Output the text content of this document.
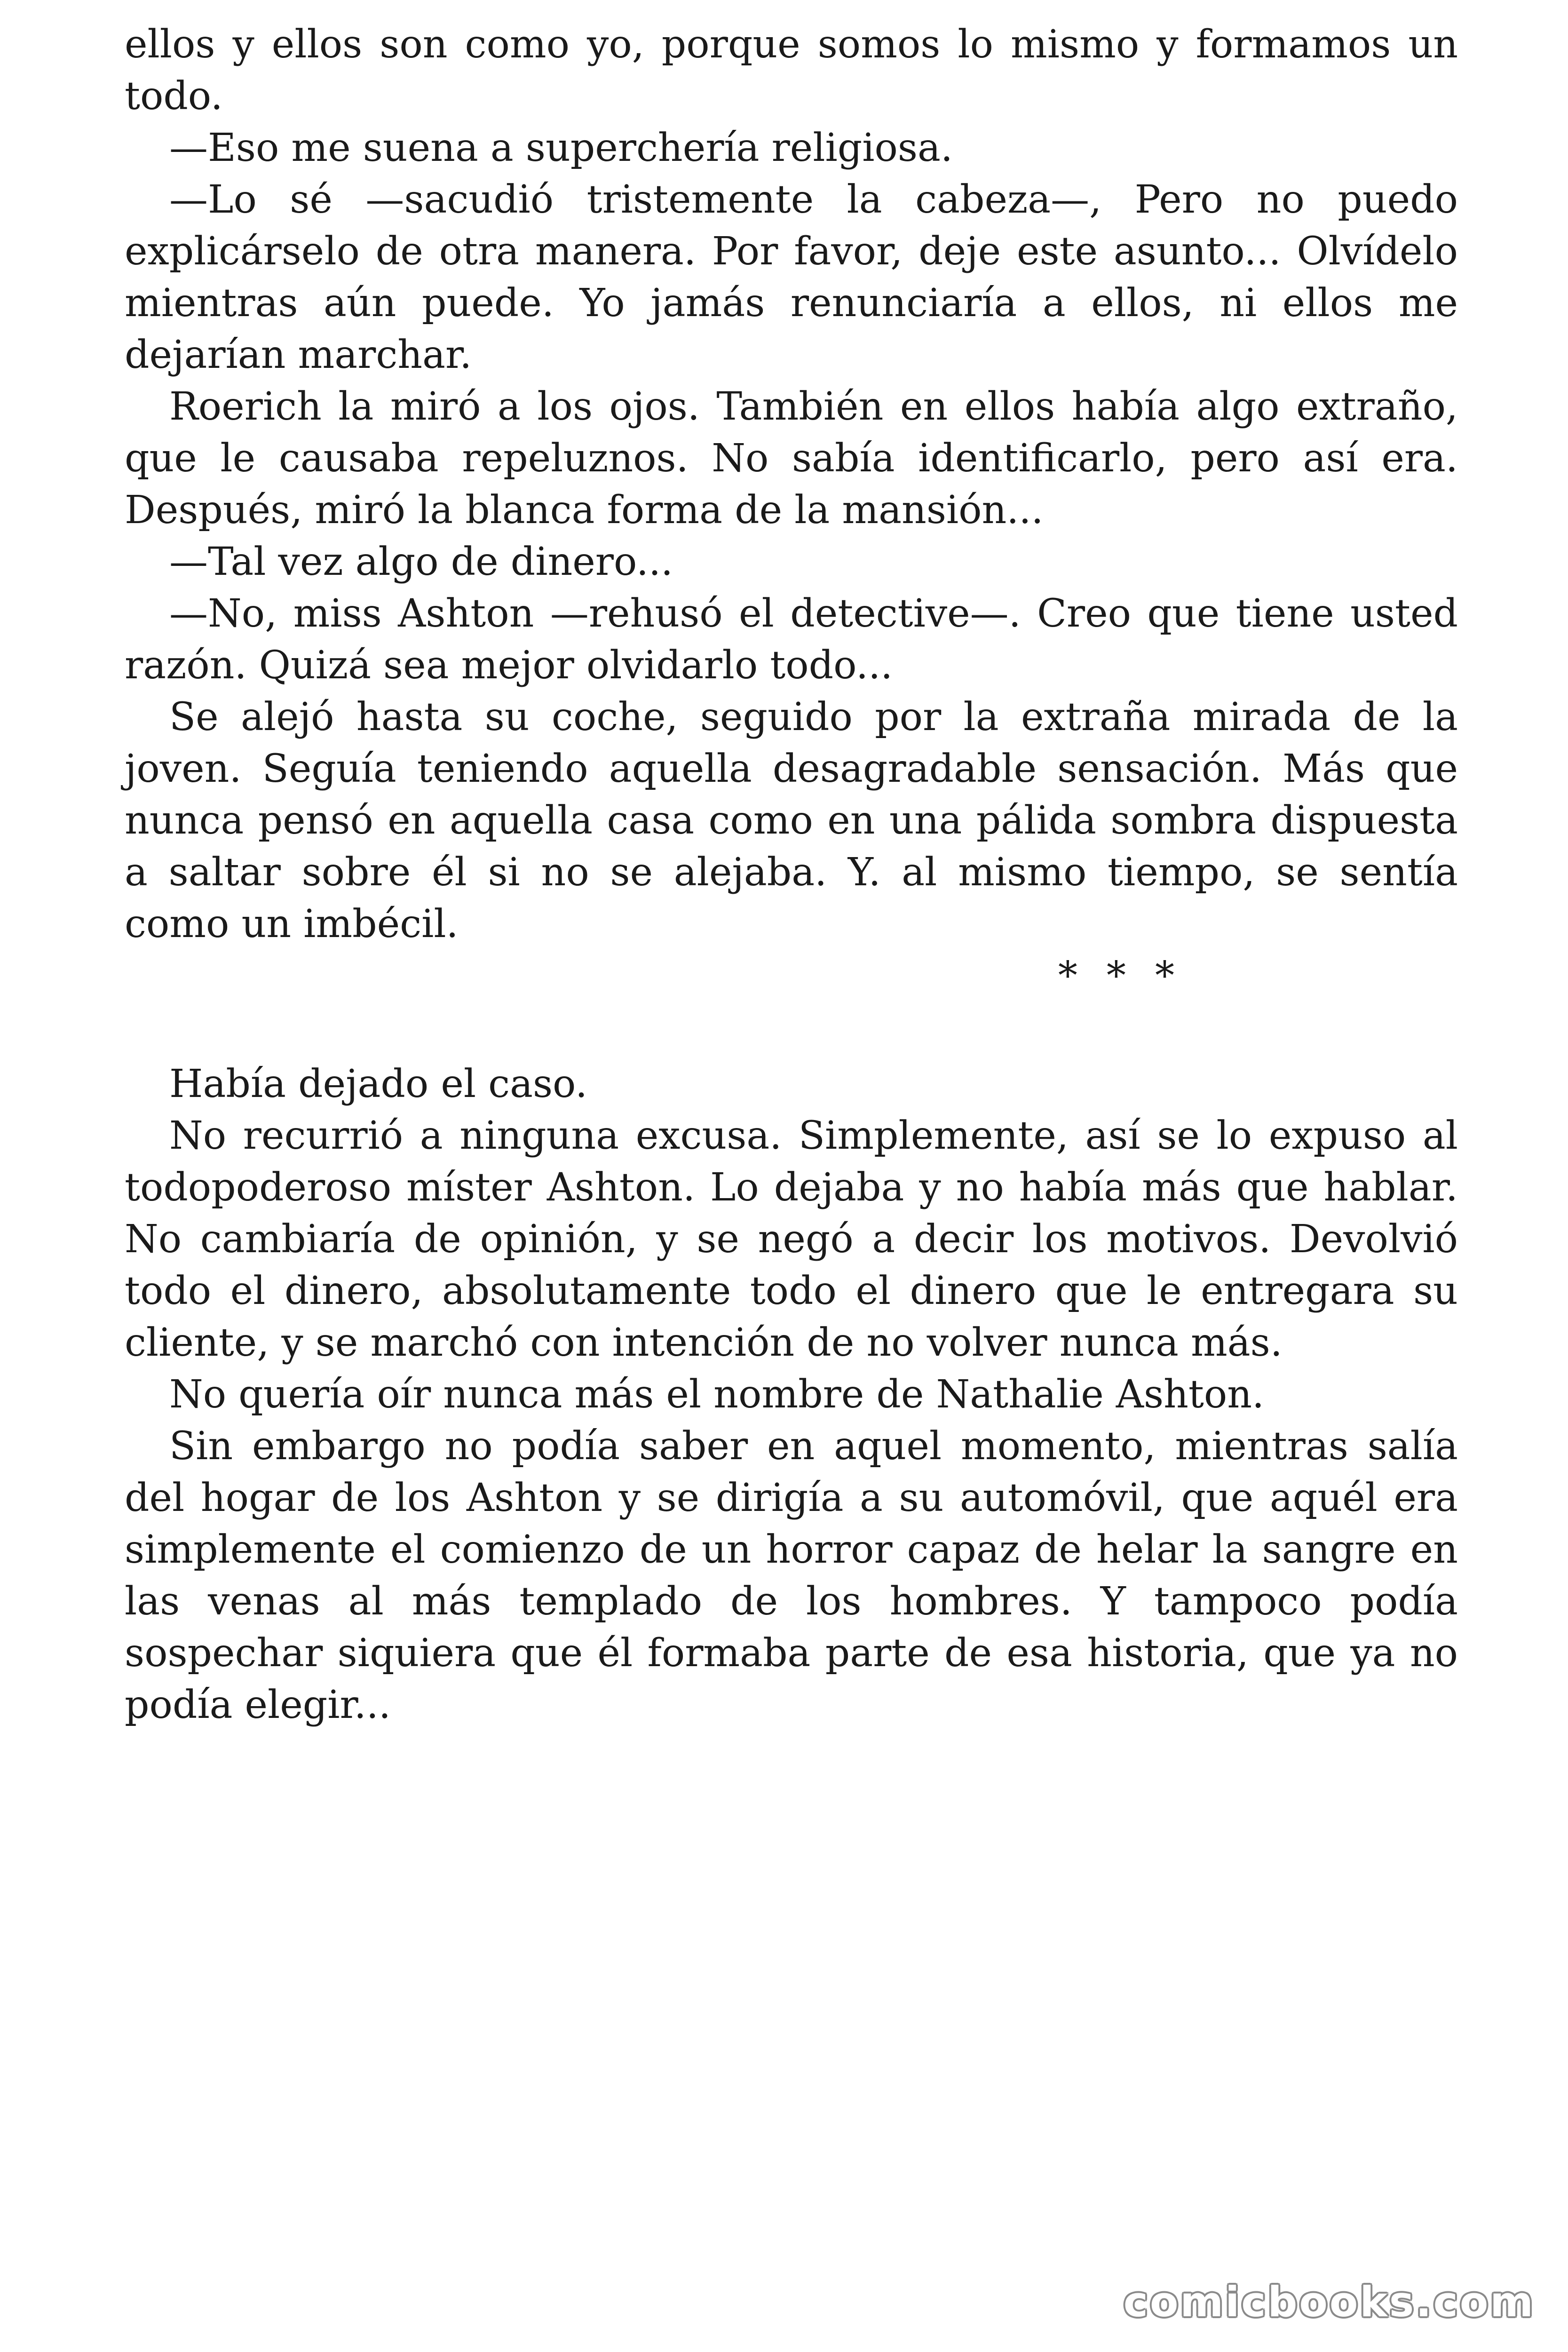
ellos y ellos son como yo, porque somos lo mismo y formamos un todo.

—Eso me suena a superchería religiosa.

—Lo sé —sacudió tristemente la cabeza—, Pero no puedo explicárselo de otra manera. Por favor, deje este asunto... Olvídelo mientras aún puede. Yo jamás renunciaría a ellos, ni ellos me dejarían marchar.

Roerich la miró a los ojos. También en ellos había algo extraño, que le causaba repeluznos. No sabía identificarlo, pero así era. Después, miró la blanca forma de la mansión...

—Tal vez algo de dinero...

—No, miss Ashton —rehusó el detective—. Creo que tiene usted razón. Quizá sea mejor olvidarlo todo...

Se alejó hasta su coche, seguido por la extraña mirada de la joven. Seguía teniendo aquella desagradable sensación. Más que nunca pensó en aquella casa como en una pálida sombra dispuesta a saltar sobre él si no se alejaba. Y. al mismo tiempo, se sentía como un imbécil.

* * *

Había dejado el caso.

No recurrió a ninguna excusa. Simplemente, así se lo expuso al todopoderoso míster Ashton. Lo dejaba y no había más que hablar. No cambiaría de opinión, y se negó a decir los motivos. Devolvió todo el dinero, absolutamente todo el dinero que le entregara su cliente, y se marchó con intención de no volver nunca más.

No quería oír nunca más el nombre de Nathalie Ashton.

Sin embargo no podía saber en aquel momento, mientras salía del hogar de los Ashton y se dirigía a su automóvil, que aquél era simplemente el comienzo de un horror capaz de helar la sangre en las venas al más templado de los hombres. Y tampoco podía sospechar siquiera que él formaba parte de esa historia, que ya no podía elegir...

comicbooks.com
